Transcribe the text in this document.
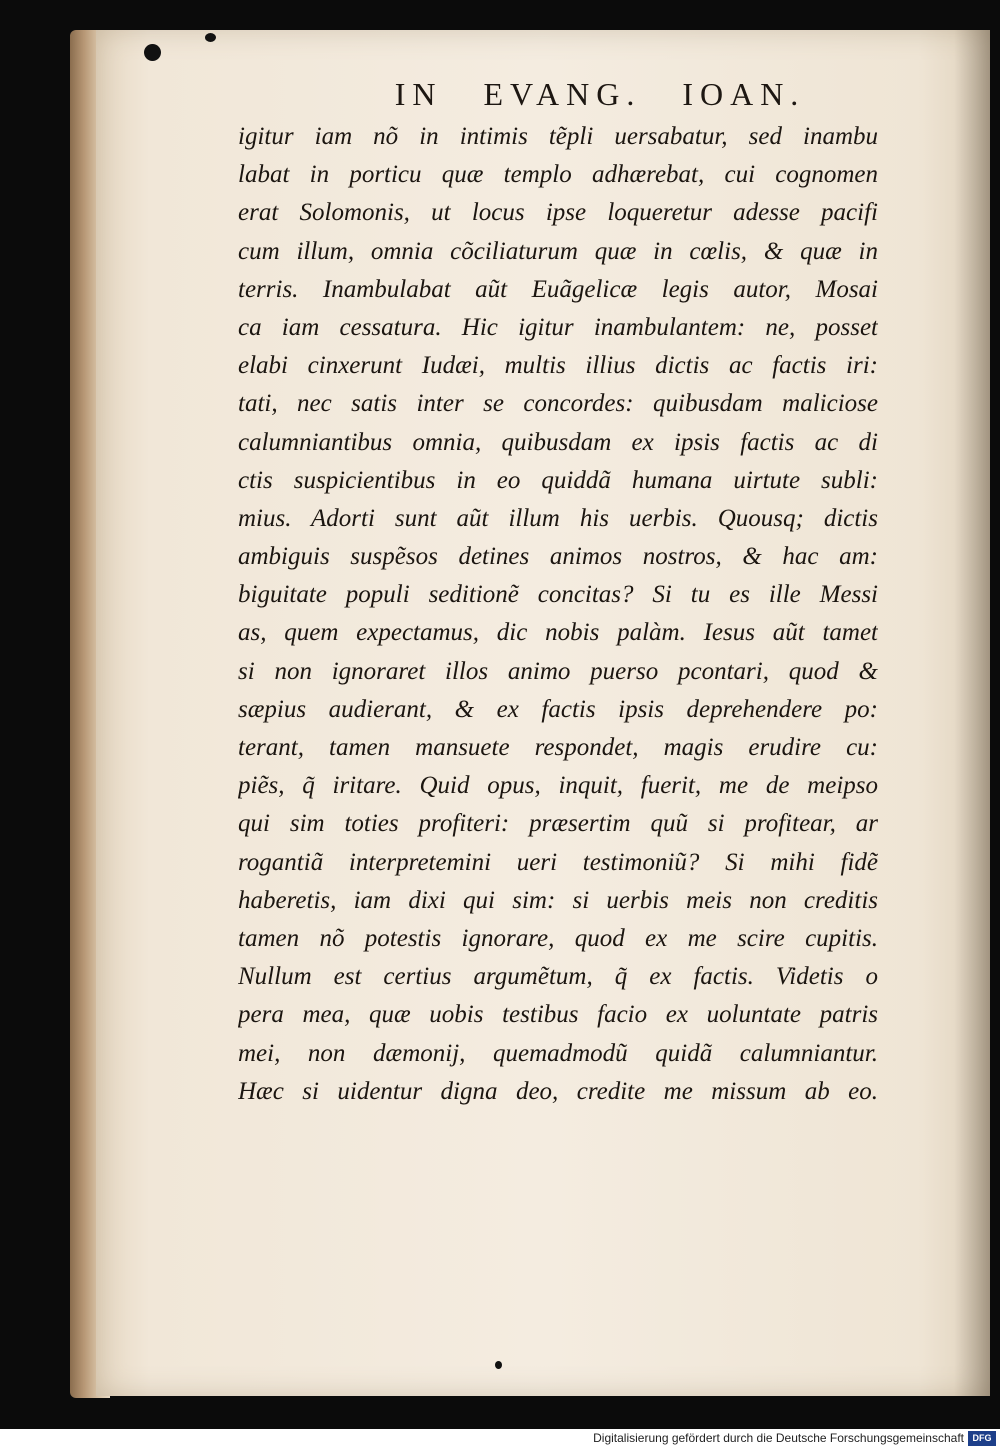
IN EVANG. IOAN.
igitur iam nõ in intimis tẽpli uersabatur, sed inambu
labat in porticu quæ templo adhærebat, cui cognomen
erat Solomonis, ut locus ipse loqueretur adesse pacifi
cum illum, omnia cõciliaturum quæ in cœlis, & quæ in
terris. Inambulabat aũt Euãgelicæ legis autor, Mosai
ca iam cessatura. Hic igitur inambulantem: ne, posset
elabi cinxerunt Iudæi, multis illius dictis ac factis iri:
tati, nec satis inter se concordes: quibusdam maliciose
calumniantibus omnia, quibusdam ex ipsis factis ac di
ctis suspicientibus in eo quiddã humana uirtute subli:
mius. Adorti sunt aũt illum his uerbis. Quousq; dictis
ambiguis suspẽsos detines animos nostros, & hac am:
biguitate populi seditionẽ concitas? Si tu es ille Messi
as, quem expectamus, dic nobis palàm. Iesus aũt tamet
si non ignoraret illos animo puerso pcontari, quod &
sæpius audierant, & ex factis ipsis deprehendere po:
terant, tamen mansuete respondet, magis erudire cu:
piẽs, q̃ iritare. Quid opus, inquit, fuerit, me de meipso
qui sim toties profiteri: præsertim quũ si profitear, ar
rogantiã interpretemini ueri testimoniũ? Si mihi fidẽ
haberetis, iam dixi qui sim: si uerbis meis non creditis
tamen nõ potestis ignorare, quod ex me scire cupitis.
Nullum est certius argumẽtum, q̃ ex factis. Videtis o
pera mea, quæ uobis testibus facio ex uoluntate patris
mei, non dæmonij, quemadmodũ quidã calumniantur.
Hæc si uidentur digna deo, credite me missum ab eo.
Digitalisierung gefördert durch die Deutsche Forschungsgemeinschaft DFG
